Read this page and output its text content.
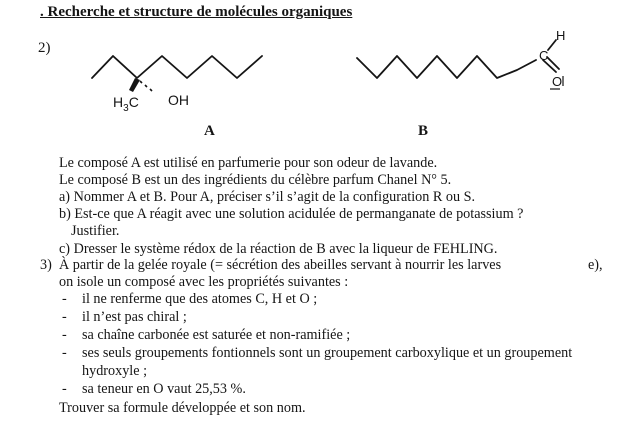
. Recherche et structure de molécules organiques
2)
$H_3C$ OH
A
C
H
O
B
Le composé A est utilisé en parfumerie pour son odeur de lavande.
Le composé B est un des ingrédients du célèbre parfum Chanel N° 5.
a) Nommer A et B. Pour A, préciser s’il s’agit de la configuration R ou S.
b) Est-ce que A réagit avec une solution acidulée de permanganate de potassium ?
Justifier.
c) Dresser le système rédox de la réaction de B avec la liqueur de FEHLING.
3) À partir de la gelée royale (= sécrétion des abeilles servant à nourrir les larves	e),
on isole un composé avec les propriétés suivantes :
- il ne renferme que des atomes C, H et O ;
- il n’est pas chiral ;
- sa chaîne carbonée est saturée et non-ramifiée ;
- ses seuls groupements fontionnels sont un groupement carboxylique et un groupement
hydroxyle ;
- sa teneur en O vaut 25,53 %.
Trouver sa formule développée et son nom.
